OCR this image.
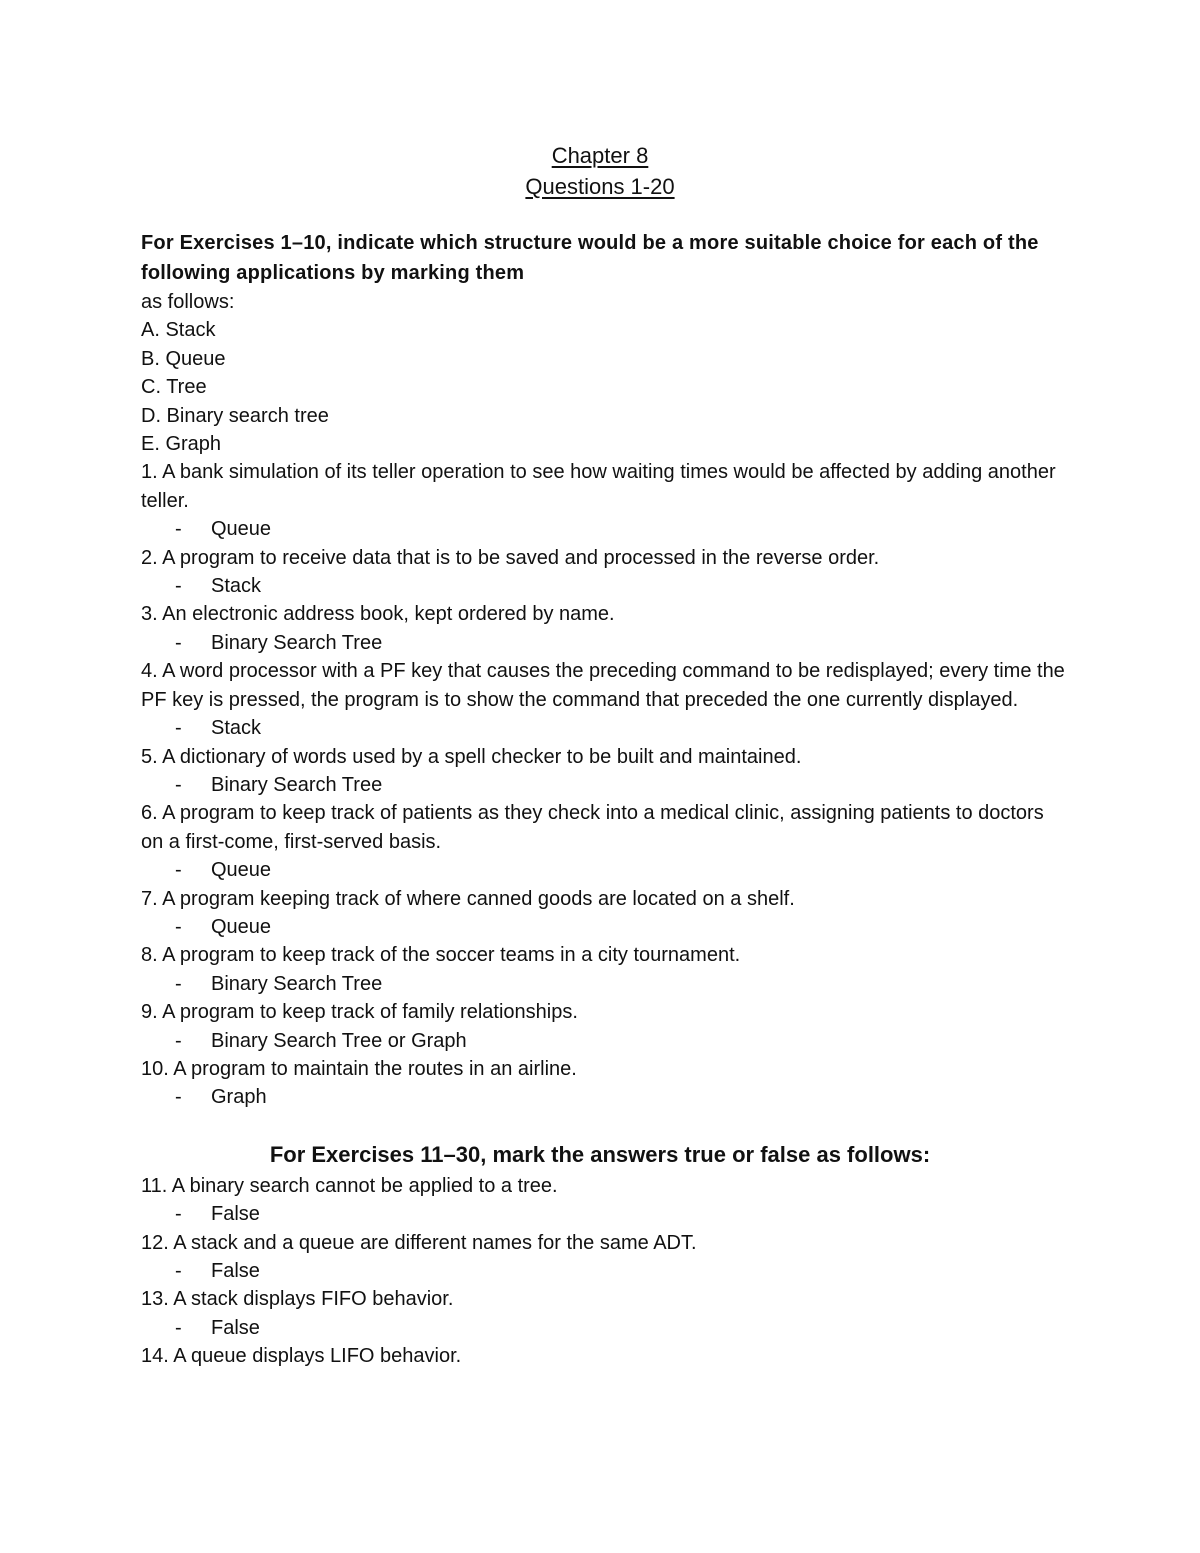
Chapter 8
Questions 1-20
For Exercises 1–10, indicate which structure would be a more suitable choice for each of the following applications by marking them
as follows:
A. Stack
B. Queue
C. Tree
D. Binary search tree
E. Graph
1. A bank simulation of its teller operation to see how waiting times would be affected by adding another teller.
- Queue
2. A program to receive data that is to be saved and processed in the reverse order.
- Stack
3. An electronic address book, kept ordered by name.
- Binary Search Tree
4. A word processor with a PF key that causes the preceding command to be redisplayed; every time the PF key is pressed, the program is to show the command that preceded the one currently displayed.
- Stack
5. A dictionary of words used by a spell checker to be built and maintained.
- Binary Search Tree
6. A program to keep track of patients as they check into a medical clinic, assigning patients to doctors on a first-come, first-served basis.
- Queue
7. A program keeping track of where canned goods are located on a shelf.
- Queue
8. A program to keep track of the soccer teams in a city tournament.
- Binary Search Tree
9. A program to keep track of family relationships.
- Binary Search Tree or Graph
10. A program to maintain the routes in an airline.
- Graph
For Exercises 11–30, mark the answers true or false as follows:
11. A binary search cannot be applied to a tree.
- False
12. A stack and a queue are different names for the same ADT.
- False
13. A stack displays FIFO behavior.
- False
14. A queue displays LIFO behavior.
